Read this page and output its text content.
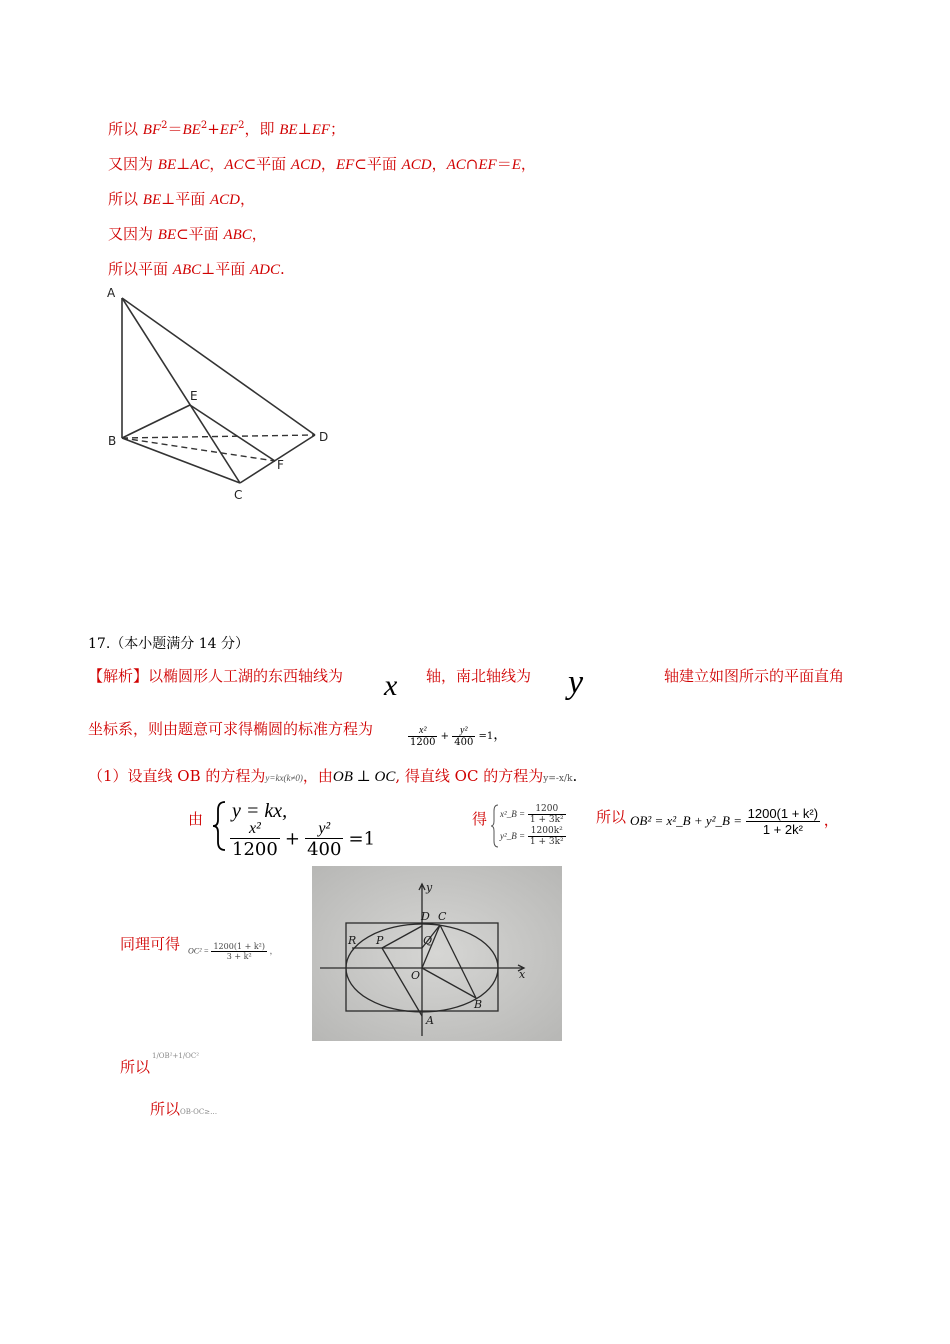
所以 $BF^2=BE^2+EF^2$，即 BE⊥EF；
又因为 BE⊥AC，AC⊂平面 ACD，EF⊂平面 ACD，AC∩EF＝E，
所以 BE⊥平面 ACD，
又因为 BE⊂平面 ABC，
所以平面 ABC⊥平面 ADC.
A
E
B	D
F
C
17.（本小题满分 14 分）
【解析】以椭圆形人工湖的东西轴线为 x 轴，南北轴线为 y	轴建立如图所示的平面直角
坐标系，则由题意可求得椭圆的标准方程为	$\frac{\text{x²}}{1200} + \frac{\text{y²}}{400} =1$，
（1）设直线 OB 的方程为y=kx(k≠0)，由OB ⊥ OC, 得直线 OC 的方程为y=-x/k.
由 y = kx,
$\frac{\text{x²}}{1200} + \frac{\text{y²}}{400} =1$
得 x²_B = $\frac{1200}{\text{1 + 3k²}}$
y²_B = $\frac{\text{1200k²}}{\text{1 + 3k²}}$
所以 OB² = x²_B + y²_B = $\frac{\text{1200(1 + k²)}}{\text{1 + 2k²}}$ ，
同理可得 $OC^2 = \frac{\text{1200(1 + k²)}}{\text{3 + k²}}$ ，
y
x
D C
R P	Q
O
B
A
所以
1/OB²+1/OC²
所以 OB·OC≥…
